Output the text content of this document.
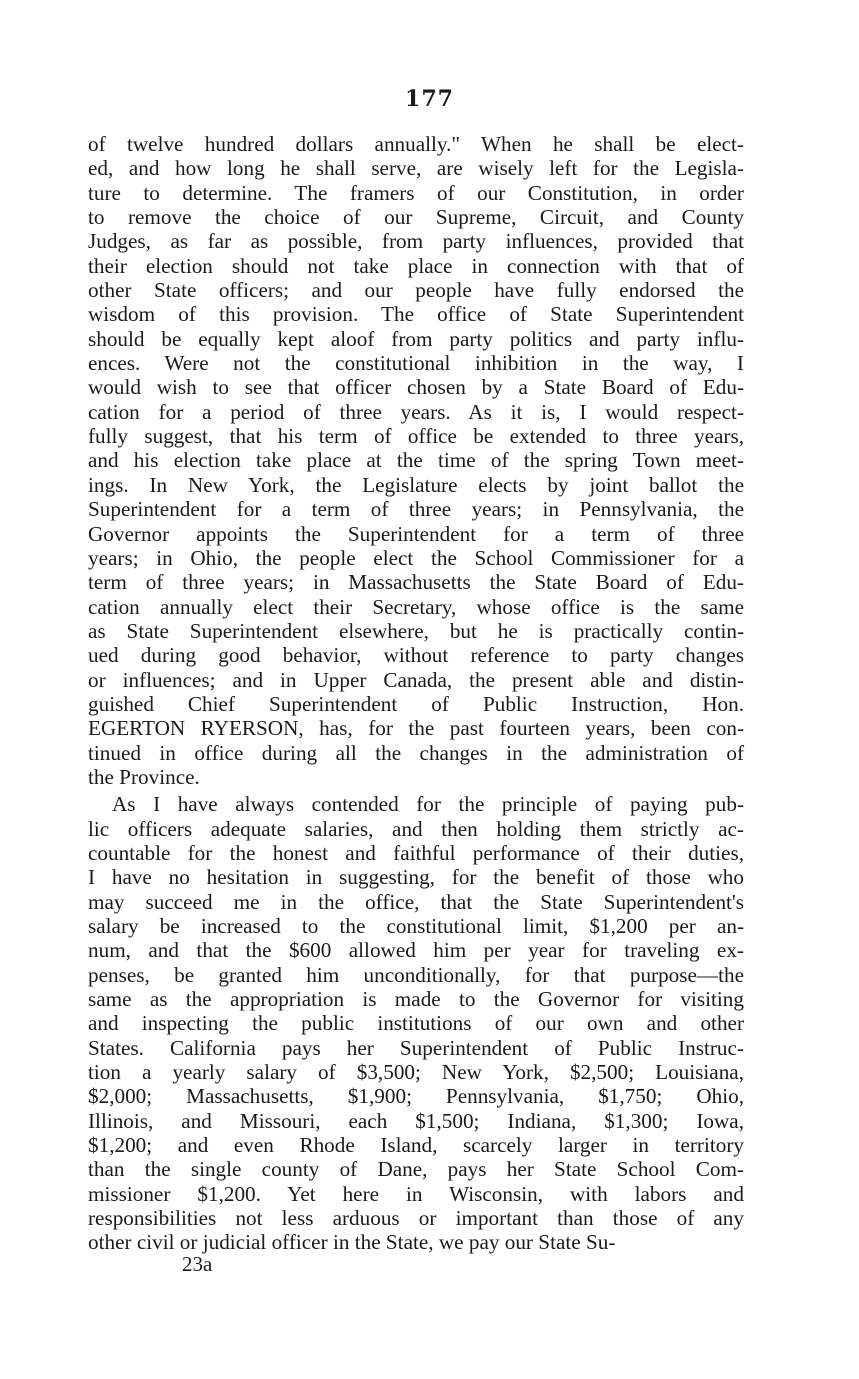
177
of twelve hundred dollars annually." When he shall be elect-
ed, and how long he shall serve, are wisely left for the Legisla-
ture to determine. The framers of our Constitution, in order
to remove the choice of our Supreme, Circuit, and County
Judges, as far as possible, from party influences, provided that
their election should not take place in connection with that of
other State officers; and our people have fully endorsed the
wisdom of this provision. The office of State Superintendent
should be equally kept aloof from party politics and party influ-
ences. Were not the constitutional inhibition in the way, I
would wish to see that officer chosen by a State Board of Edu-
cation for a period of three years. As it is, I would respect-
fully suggest, that his term of office be extended to three years,
and his election take place at the time of the spring Town meet-
ings. In New York, the Legislature elects by joint ballot the
Superintendent for a term of three years; in Pennsylvania, the
Governor appoints the Superintendent for a term of three
years; in Ohio, the people elect the School Commissioner for a
term of three years; in Massachusetts the State Board of Edu-
cation annually elect their Secretary, whose office is the same
as State Superintendent elsewhere, but he is practically contin-
ued during good behavior, without reference to party changes
or influences; and in Upper Canada, the present able and distin-
guished Chief Superintendent of Public Instruction, Hon.
EGERTON RYERSON, has, for the past fourteen years, been con-
tinued in office during all the changes in the administration of
the Province.
As I have always contended for the principle of paying pub-
lic officers adequate salaries, and then holding them strictly ac-
countable for the honest and faithful performance of their duties,
I have no hesitation in suggesting, for the benefit of those who
may succeed me in the office, that the State Superintendent's
salary be increased to the constitutional limit, $1,200 per an-
num, and that the $600 allowed him per year for traveling ex-
penses, be granted him unconditionally, for that purpose—the
same as the appropriation is made to the Governor for visiting
and inspecting the public institutions of our own and other
States. California pays her Superintendent of Public Instruc-
tion a yearly salary of $3,500; New York, $2,500; Louisiana,
$2,000; Massachusetts, $1,900; Pennsylvania, $1,750; Ohio,
Illinois, and Missouri, each $1,500; Indiana, $1,300; Iowa,
$1,200; and even Rhode Island, scarcely larger in territory
than the single county of Dane, pays her State School Com-
missioner $1,200. Yet here in Wisconsin, with labors and
responsibilities not less arduous or important than those of any
other civil or judicial officer in the State, we pay our State Su-
23a
